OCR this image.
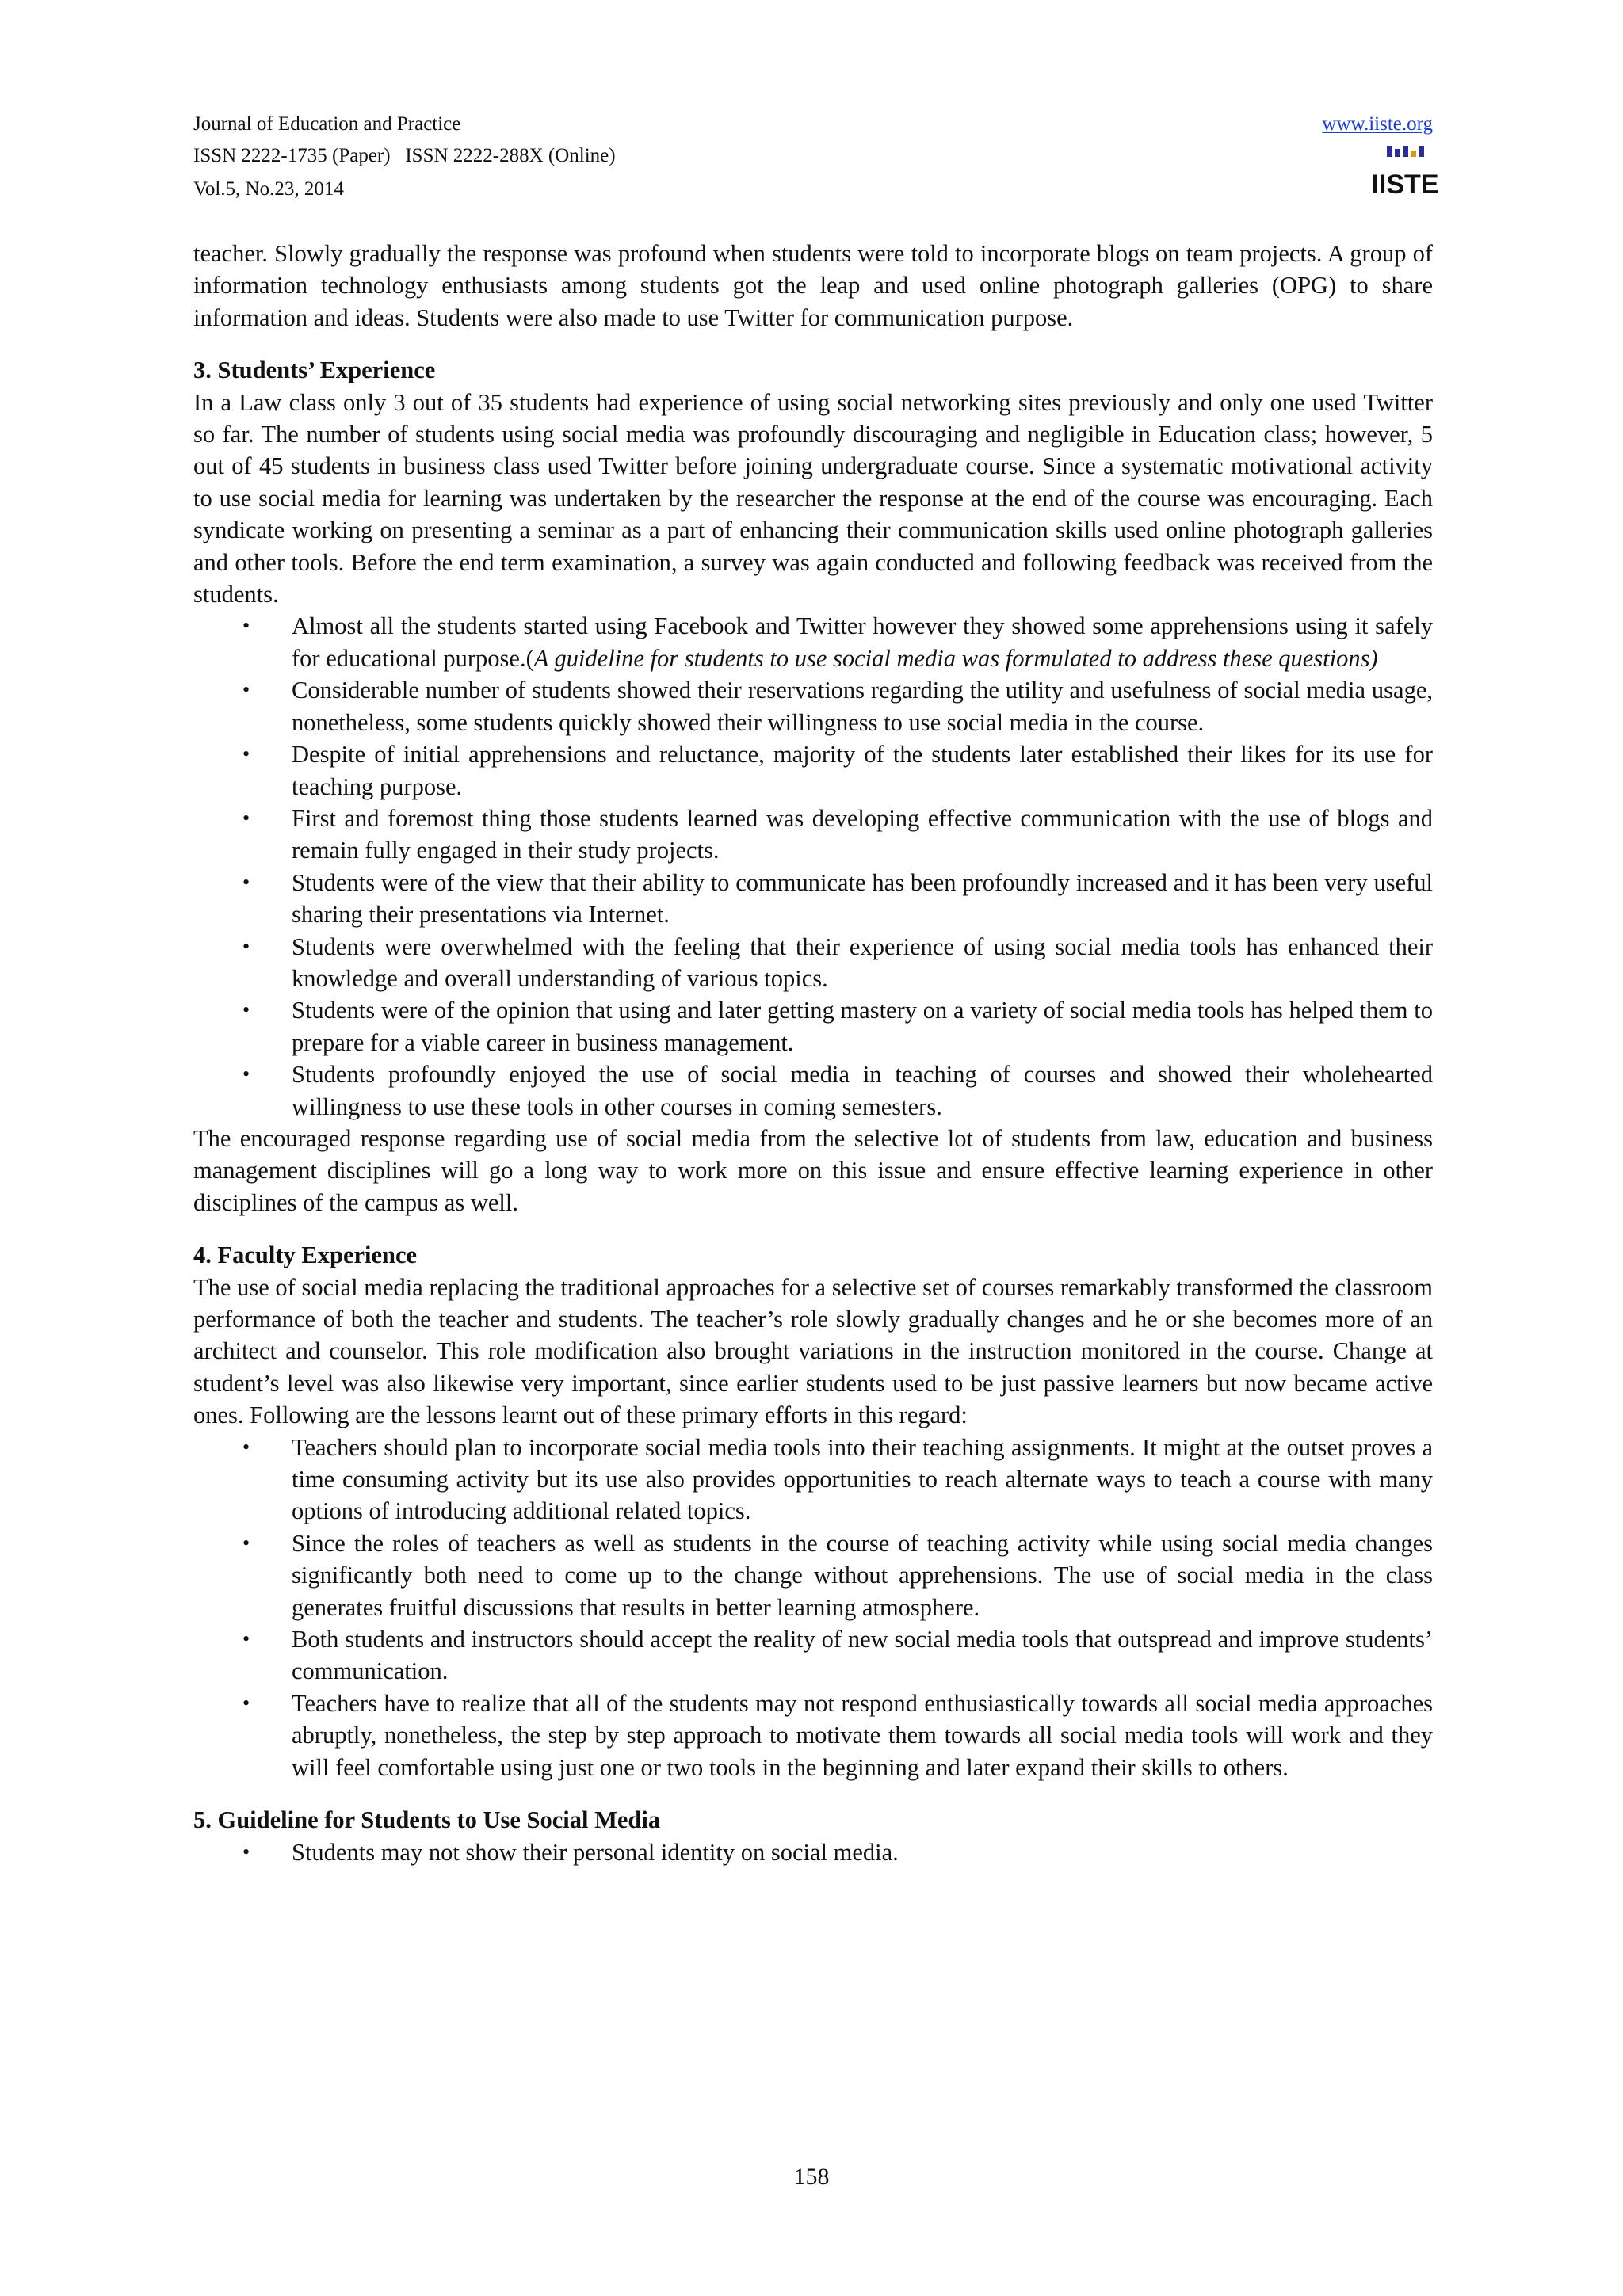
Journal of Education and Practice
ISSN 2222-1735 (Paper)   ISSN 2222-288X (Online)
Vol.5, No.23, 2014
www.iiste.org
IISTE

teacher. Slowly gradually the response was profound when students were told to incorporate blogs on team projects. A group of information technology enthusiasts among students got the leap and used online photograph galleries (OPG) to share information and ideas. Students were also made to use Twitter for communication purpose.

3. Students’ Experience

In a Law class only 3 out of 35 students had experience of using social networking sites previously and only one used Twitter so far. The number of students using social media was profoundly discouraging and negligible in Education class; however, 5 out of 45 students in business class used Twitter before joining undergraduate course. Since a systematic motivational activity to use social media for learning was undertaken by the researcher the response at the end of the course was encouraging. Each syndicate working on presenting a seminar as a part of enhancing their communication skills used online photograph galleries and other tools. Before the end term examination, a survey was again conducted and following feedback was received from the students.

• Almost all the students started using Facebook and Twitter however they showed some apprehensions using it safely for educational purpose.(A guideline for students to use social media was formulated to address these questions)
• Considerable number of students showed their reservations regarding the utility and usefulness of social media usage, nonetheless, some students quickly showed their willingness to use social media in the course.
• Despite of initial apprehensions and reluctance, majority of the students later established their likes for its use for teaching purpose.
• First and foremost thing those students learned was developing effective communication with the use of blogs and remain fully engaged in their study projects.
• Students were of the view that their ability to communicate has been profoundly increased and it has been very useful sharing their presentations via Internet.
• Students were overwhelmed with the feeling that their experience of using social media tools has enhanced their knowledge and overall understanding of various topics.
• Students were of the opinion that using and later getting mastery on a variety of social media tools has helped them to prepare for a viable career in business management.
• Students profoundly enjoyed the use of social media in teaching of courses and showed their wholehearted willingness to use these tools in other courses in coming semesters.

The encouraged response regarding use of social media from the selective lot of students from law, education and business management disciplines will go a long way to work more on this issue and ensure effective learning experience in other disciplines of the campus as well.

4. Faculty Experience

The use of social media replacing the traditional approaches for a selective set of courses remarkably transformed the classroom performance of both the teacher and students. The teacher’s role slowly gradually changes and he or she becomes more of an architect and counselor. This role modification also brought variations in the instruction monitored in the course. Change at student’s level was also likewise very important, since earlier students used to be just passive learners but now became active ones. Following are the lessons learnt out of these primary efforts in this regard:

• Teachers should plan to incorporate social media tools into their teaching assignments. It might at the outset proves a time consuming activity but its use also provides opportunities to reach alternate ways to teach a course with many options of introducing additional related topics.
• Since the roles of teachers as well as students in the course of teaching activity while using social media changes significantly both need to come up to the change without apprehensions. The use of social media in the class generates fruitful discussions that results in better learning atmosphere.
• Both students and instructors should accept the reality of new social media tools that outspread and improve students’ communication.
• Teachers have to realize that all of the students may not respond enthusiastically towards all social media approaches abruptly, nonetheless, the step by step approach to motivate them towards all social media tools will work and they will feel comfortable using just one or two tools in the beginning and later expand their skills to others.

5. Guideline for Students to Use Social Media

• Students may not show their personal identity on social media.
158
